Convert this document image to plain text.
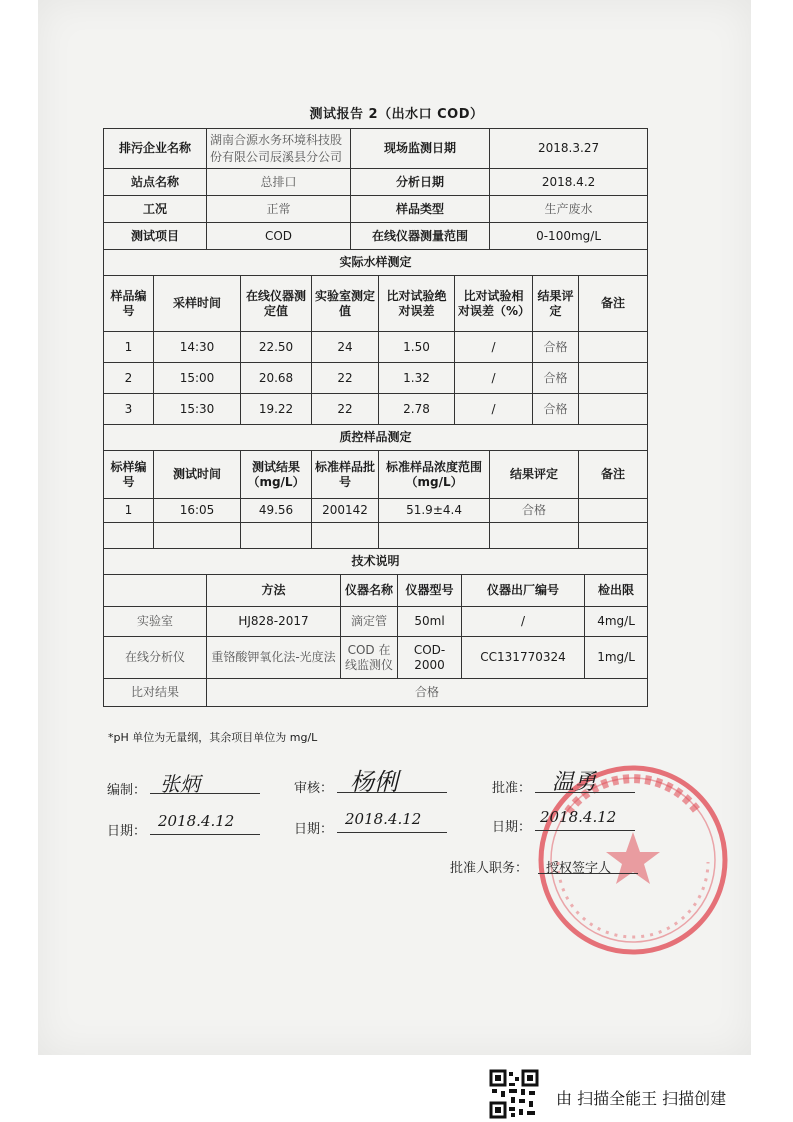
测试报告 2（出水口 COD）
排污企业名称		湖南合源水务环境科技股份有限公司辰溪县分公司				现场监测日期					2018.3.27			
站点名称		总排口				分析日期					2018.4.2			
工况		正常				样品类型					生产废水			
测试项目		COD				在线仪器测量范围					0-100mg/L			
实际水样测定														
样品编号	采样时间		在线仪器测定值	实验室测定值			比对试验绝对误差		比对试验相对误差（%）			结果评定	备注	
1	14:30		22.50	24			1.50		/			合格		
2	15:00		20.68	22			1.32		/			合格		
3	15:30		19.22	22			2.78		/			合格		
质控样品测定														
标样编号	测试时间		测试结果（mg/L）	标准样品批号			标准样品浓度范围（mg/L）				结果评定		备注	
1	16:05		49.56	200142			51.9±4.4				合格			

技术说明														
		方法			仪器名称			仪器型号		仪器出厂编号				检出限
实验室		HJ828-2017			滴定管			50ml		/				4mg/L
在线分析仪		重铬酸钾氧化法-光度法			COD 在线监测仪			COD-2000		CC131770324				1mg/L
比对结果		合格												
*pH 单位为无量纲，其余项目单位为 mg/L
编制： 张炳	审核： 杨俐	批准： 温勇
日期：
2018.4.12	日期：
2018.4.12	日期：
2018.4.12
批准人职务： 授权签字人
由 扫描全能王 扫描创建
